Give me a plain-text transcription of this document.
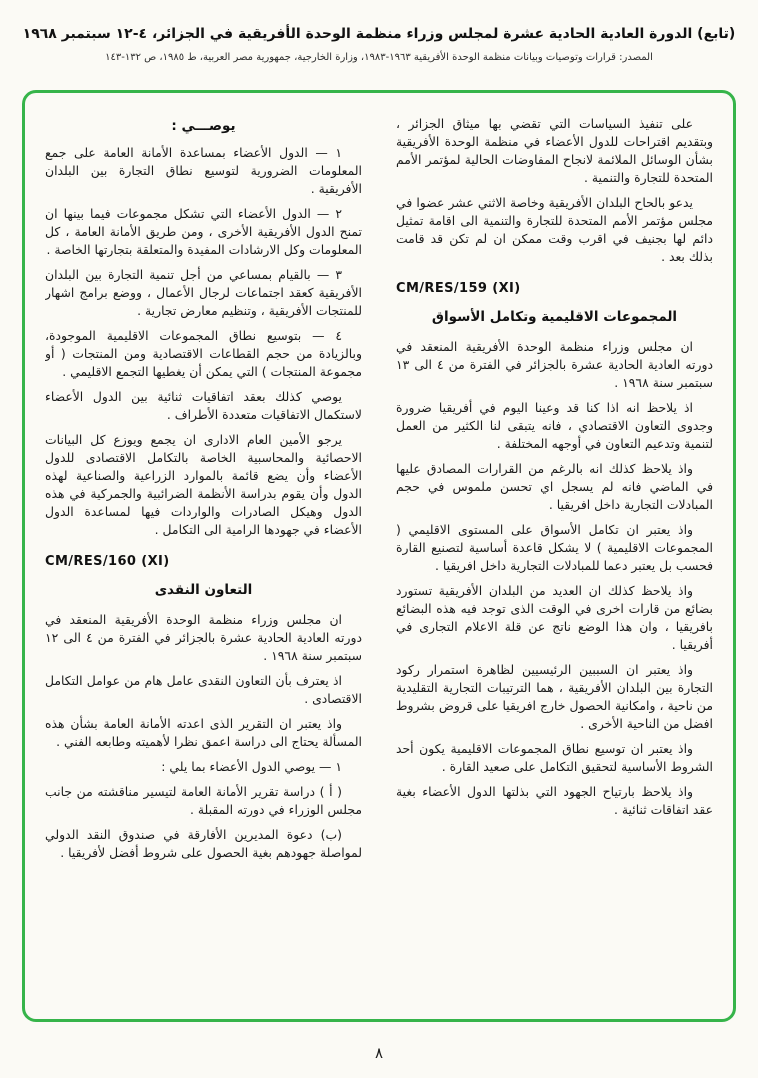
(تابع) الدورة العادية الحادية عشرة لمجلس وزراء منظمة الوحدة الأفريقية في الجزائر، ٤-١٢ سبتمبر ١٩٦٨
المصدر: قرارات وتوصيات وبيانات منظمة الوحدة الأفريقية ١٩٦٣-١٩٨٣، وزارة الخارجية، جمهورية مصر العربية، ط ١٩٨٥، ص ١٣٢-١٤٣

على تنفيذ السياسات التي تقضي بها ميثاق الجزائر ، وبتقديم اقتراحات للدول الأعضاء في منظمة الوحدة الأفريقية بشأن الوسائل الملائمة لانجاح المفاوضات الحالية لمؤتمر الأمم المتحدة للتجارة والتنمية .

يدعو بالحاح البلدان الأفريقية وخاصة الاثني عشر عضوا في مجلس مؤتمر الأمم المتحدة للتجارة والتنمية الى اقامة تمثيل دائم لها بجنيف في اقرب وقت ممكن ان لم تكن قد قامت بذلك بعد .

CM/RES/159 (XI)
المجموعات الاقليمية وتكامل الأسواق

ان مجلس وزراء منظمة الوحدة الأفريقية المنعقد في دورته العادية الحادية عشرة بالجزائر في الفترة من ٤ الى ١٣ سبتمبر سنة ١٩٦٨ .

اذ يلاحظ انه اذا كنا قد وعينا اليوم في أفريقيا ضرورة وجدوى التعاون الاقتصادي ، فانه يتبقى لنا الكثير من العمل لتنمية وتدعيم التعاون في أوجهه المختلفة .

واذ يلاحظ كذلك انه بالرغم من القرارات المصادق عليها في الماضي فانه لم يسجل اي تحسن ملموس في حجم المبادلات التجارية داخل افريقيا .

واذ يعتبر ان تكامل الأسواق على المستوى الاقليمي ( المجموعات الاقليمية ) لا يشكل قاعدة أساسية لتصنيع القارة فحسب بل يعتبر دعما للمبادلات التجارية داخل افريقيا .

واذ يلاحظ كذلك ان العديد من البلدان الأفريقية تستورد بضائع من قارات اخرى في الوقت الذى توجد فيه هذه البضائع بافريقيا ، وان هذا الوضع ناتج عن قلة الاعلام التجارى في أفريقيا .

واذ يعتبر ان السببين الرئيسيين لظاهرة استمرار ركود التجارة بين البلدان الأفريقية ، هما الترتيبات التجارية التقليدية من ناحية ، وامكانية الحصول خارج افريقيا على قروض بشروط افضل من الناحية الأخرى .

واذ يعتبر ان توسيع نطاق المجموعات الاقليمية يكون أحد الشروط الأساسية لتحقيق التكامل على صعيد القارة .

واذ يلاحظ بارتياح الجهود التي بذلتها الدول الأعضاء بغية عقد اتفاقات ثنائية .

يوصـــي :

١ — الدول الأعضاء بمساعدة الأمانة العامة على جمع المعلومات الضرورية لتوسيع نطاق التجارة بين البلدان الأفريقية .

٢ — الدول الأعضاء التي تشكل مجموعات فيما بينها ان تمنح الدول الأفريقية الأخرى ، ومن طريق الأمانة العامة ، كل المعلومات وكل الارشادات المفيدة والمتعلقة بتجارتها الخاصة .

٣ — بالقيام بمساعي من أجل تنمية التجارة بين البلدان الأفريقية كعقد اجتماعات لرجال الأعمال ، ووضع برامج اشهار للمنتجات الأفريقية ، وتنظيم معارض تجارية .

٤ — بتوسيع نطاق المجموعات الاقليمية الموجودة، وبالزيادة من حجم القطاعات الاقتصادية ومن المنتجات ( أو مجموعة المنتجات ) التي يمكن أن يغطيها التجمع الاقليمي .

يوصي كذلك بعقد اتفاقيات ثنائية بين الدول الأعضاء لاستكمال الاتفاقيات متعددة الأطراف .

يرجو الأمين العام الادارى ان يجمع ويوزع كل البيانات الاحصائية والمحاسبية الخاصة بالتكامل الاقتصادى للدول الأعضاء وأن يضع قائمة بالموارد الزراعية والصناعية لهذه الدول وأن يقوم بدراسة الأنظمة الضرائبية والجمركية في هذه الدول وهيكل الصادرات والواردات فيها لمساعدة الدول الأعضاء في جهودها الرامية الى التكامل .

CM/RES/160 (XI)
التعاون النقدى

ان مجلس وزراء منظمة الوحدة الأفريقية المنعقد في دورته العادية الحادية عشرة بالجزائر في الفترة من ٤ الى ١٢ سبتمبر سنة ١٩٦٨ .

اذ يعترف بأن التعاون النقدى عامل هام من عوامل التكامل الاقتصادى .

واذ يعتبر ان التقرير الذى اعدته الأمانة العامة بشأن هذه المسألة يحتاج الى دراسة اعمق نظرا لأهميته وطابعه الفني .

١ — يوصي الدول الأعضاء بما يلي :

( أ ) دراسة تقرير الأمانة العامة لتيسير مناقشته من جانب مجلس الوزراء في دورته المقبلة .

(ب) دعوة المديرين الأفارقة في صندوق النقد الدولي لمواصلة جهودهم بغية الحصول على شروط أفضل لأفريقيا .

٨
